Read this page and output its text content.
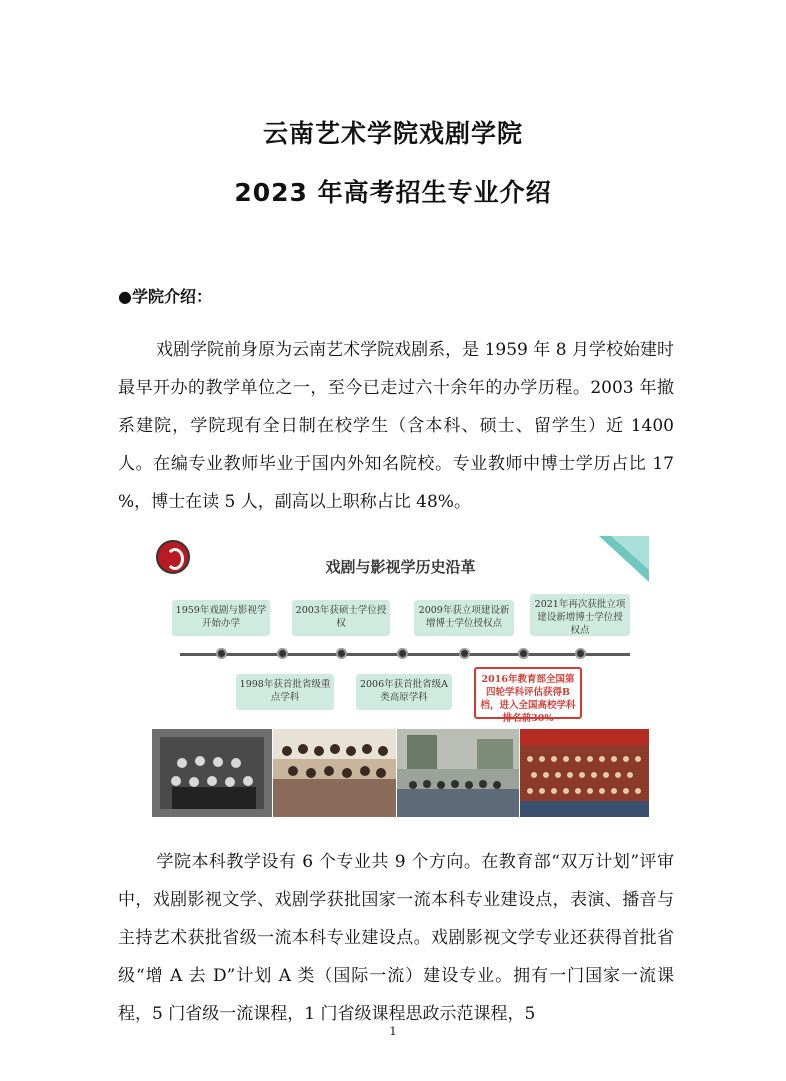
云南艺术学院戏剧学院
2023 年高考招生专业介绍
●学院介绍：
戏剧学院前身原为云南艺术学院戏剧系，是 1959 年 8 月学校始建时最早开办的教学单位之一，至今已走过六十余年的办学历程。2003 年撤系建院，学院现有全日制在校学生（含本科、硕士、留学生）近 1400 人。在编专业教师毕业于国内外知名院校。专业教师中博士学历占比 17 %，博士在读 5 人，副高以上职称占比 48%。
戏剧与影视学历史沿革
1959年戏剧与影视学开始办学
2003年获硕士学位授权
2009年获立项建设新增博士学位授权点
2021年再次获批立项建设新增博士学位授权点
1998年获首批省级重点学科
2006年获首批省级A类高原学科
2016年教育部全国第四轮学科评估获得B档，进入全国高校学科排名前30%
学院本科教学设有 6 个专业共 9 个方向。在教育部“双万计划”评审中，戏剧影视文学、戏剧学获批国家一流本科专业建设点，表演、播音与主持艺术获批省级一流本科专业建设点。戏剧影视文学专业还获得首批省级“增 A 去 D”计划 A 类（国际一流）建设专业。拥有一门国家一流课程，5 门省级一流课程，1 门省级课程思政示范课程，5
1
